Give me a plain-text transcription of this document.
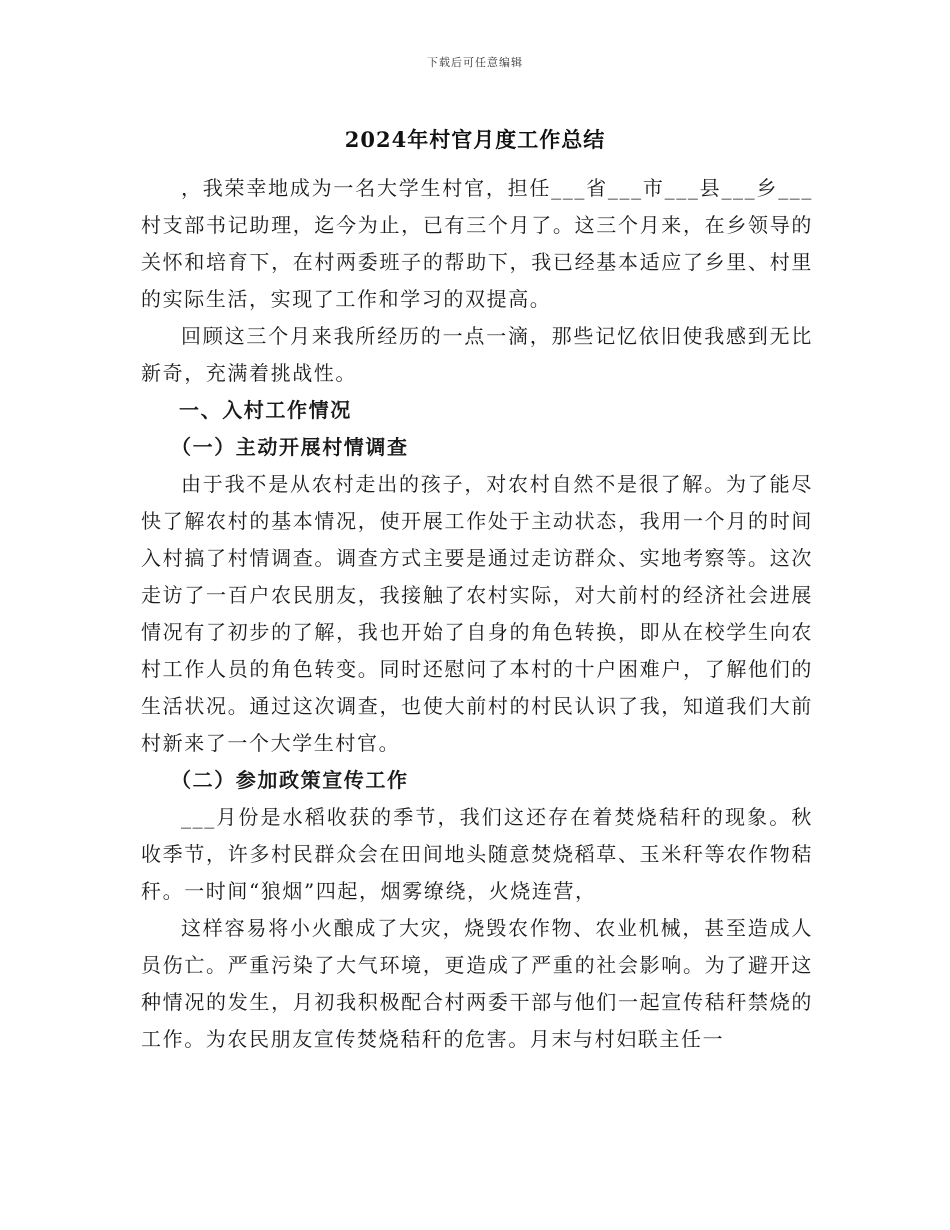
下载后可任意编辑
2024年村官月度工作总结

，我荣幸地成为一名大学生村官，担任___省___市___县___乡___村支部书记助理，迄今为止，已有三个月了。这三个月来，在乡领导的关怀和培育下，在村两委班子的帮助下，我已经基本适应了乡里、村里的实际生活，实现了工作和学习的双提高。

回顾这三个月来我所经历的一点一滴，那些记忆依旧使我感到无比新奇，充满着挑战性。

一、入村工作情况

（一）主动开展村情调查

由于我不是从农村走出的孩子，对农村自然不是很了解。为了能尽快了解农村的基本情况，使开展工作处于主动状态，我用一个月的时间入村搞了村情调查。调查方式主要是通过走访群众、实地考察等。这次走访了一百户农民朋友，我接触了农村实际，对大前村的经济社会进展情况有了初步的了解，我也开始了自身的角色转换，即从在校学生向农村工作人员的角色转变。同时还慰问了本村的十户困难户，了解他们的生活状况。通过这次调查，也使大前村的村民认识了我，知道我们大前村新来了一个大学生村官。

（二）参加政策宣传工作

___月份是水稻收获的季节，我们这还存在着焚烧秸秆的现象。秋收季节，许多村民群众会在田间地头随意焚烧稻草、玉米秆等农作物秸秆。一时间“狼烟”四起，烟雾缭绕，火烧连营，

这样容易将小火酿成了大灾，烧毁农作物、农业机械，甚至造成人员伤亡。严重污染了大气环境，更造成了严重的社会影响。为了避开这种情况的发生，月初我积极配合村两委干部与他们一起宣传秸秆禁烧的工作。为农民朋友宣传焚烧秸秆的危害。月末与村妇联主任一
